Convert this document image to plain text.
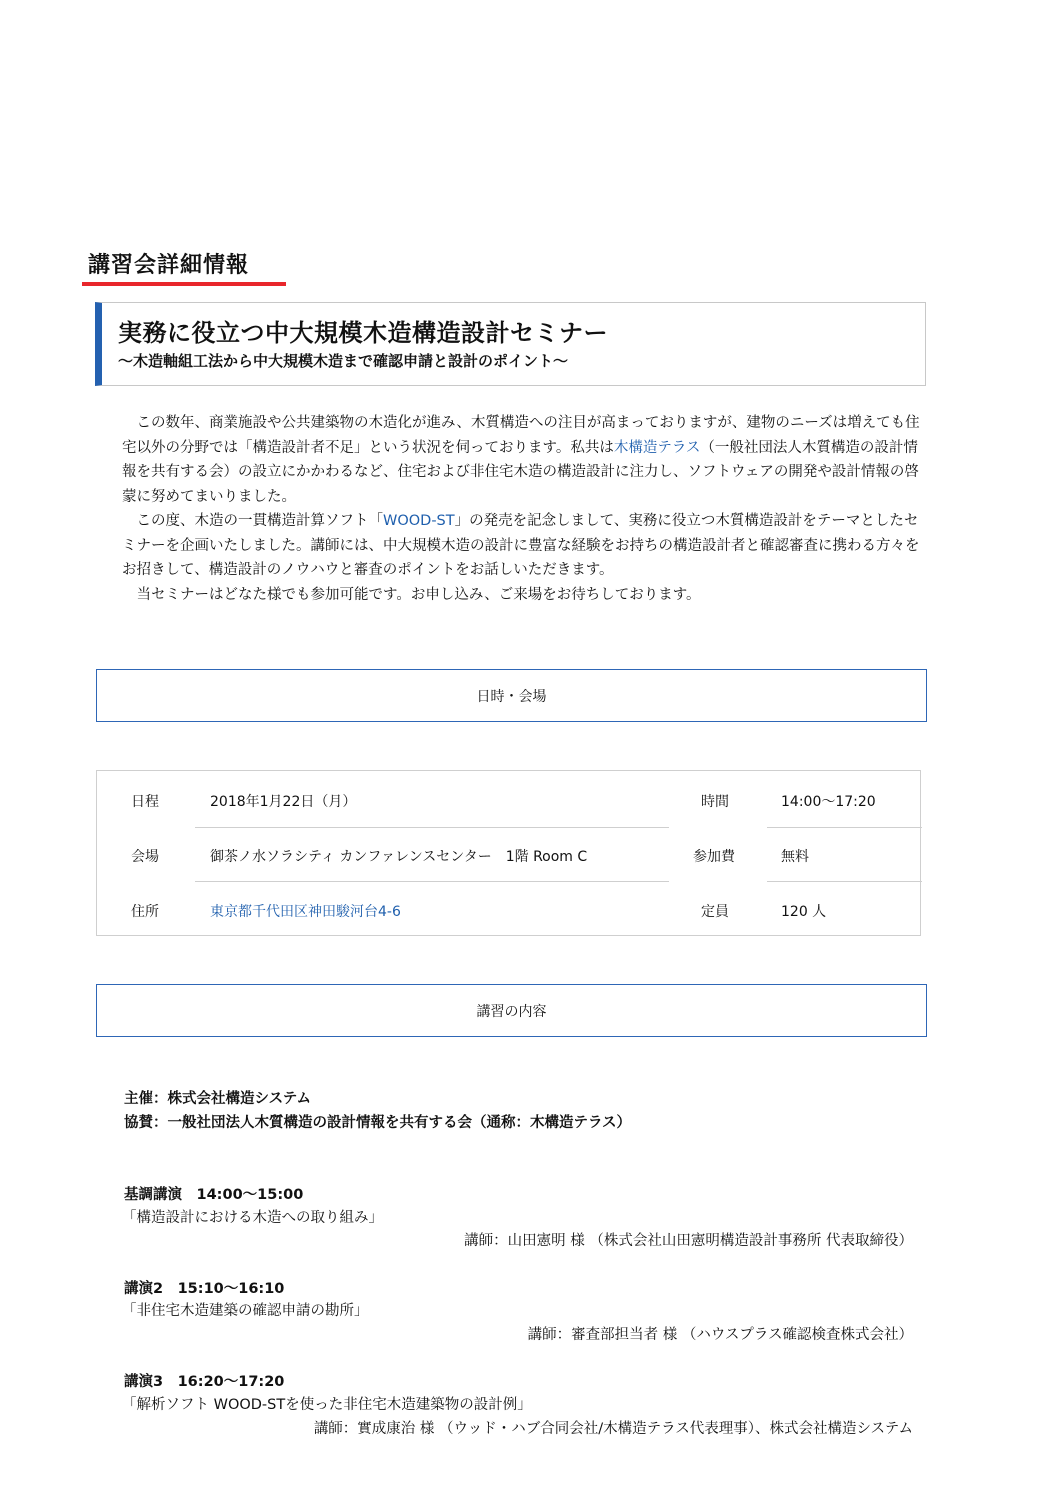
講習会詳細情報
実務に役立つ中大規模木造構造設計セミナー
～木造軸組工法から中大規模木造まで確認申請と設計のポイント～

　この数年、商業施設や公共建築物の木造化が進み、木質構造への注目が高まっておりますが、建物のニーズは増えても住宅以外の分野では「構造設計者不足」という状況を伺っております。私共は木構造テラス（一般社団法人木質構造の設計情報を共有する会）の設立にかかわるなど、住宅および非住宅木造の構造設計に注力し、ソフトウェアの開発や設計情報の啓蒙に努めてまいりました。

　この度、木造の一貫構造計算ソフト「WOOD-ST」の発売を記念しまして、実務に役立つ木質構造設計をテーマとしたセミナーを企画いたしました。講師には、中大規模木造の設計に豊富な経験をお持ちの構造設計者と確認審査に携わる方々をお招きして、構造設計のノウハウと審査のポイントをお話しいただきます。

　当セミナーはどなた様でも参加可能です。お申し込み、ご来場をお待ちしております。

日時・会場
日程	2018年1月22日（月）	時間	14:00～17:20
会場	御茶ノ水ソラシティ カンファレンスセンター　1階 Room C	参加費	無料
住所	東京都千代田区神田駿河台4-6	定員	120 人
講習の内容
主催：株式会社構造システム
協賛：一般社団法人木質構造の設計情報を共有する会（通称：木構造テラス）
基調講演　14:00～15:00
「構造設計における木造への取り組み」
講師：山田憲明 様 （株式会社山田憲明構造設計事務所 代表取締役）
講演2　15:10～16:10
「非住宅木造建築の確認申請の勘所」
講師：審査部担当者 様 （ハウスプラス確認検査株式会社）
講演3　16:20～17:20
「解析ソフト WOOD-STを使った非住宅木造建築物の設計例」
講師：實成康治 様 （ウッド・ハブ合同会社/木構造テラス代表理事）、株式会社構造システム
